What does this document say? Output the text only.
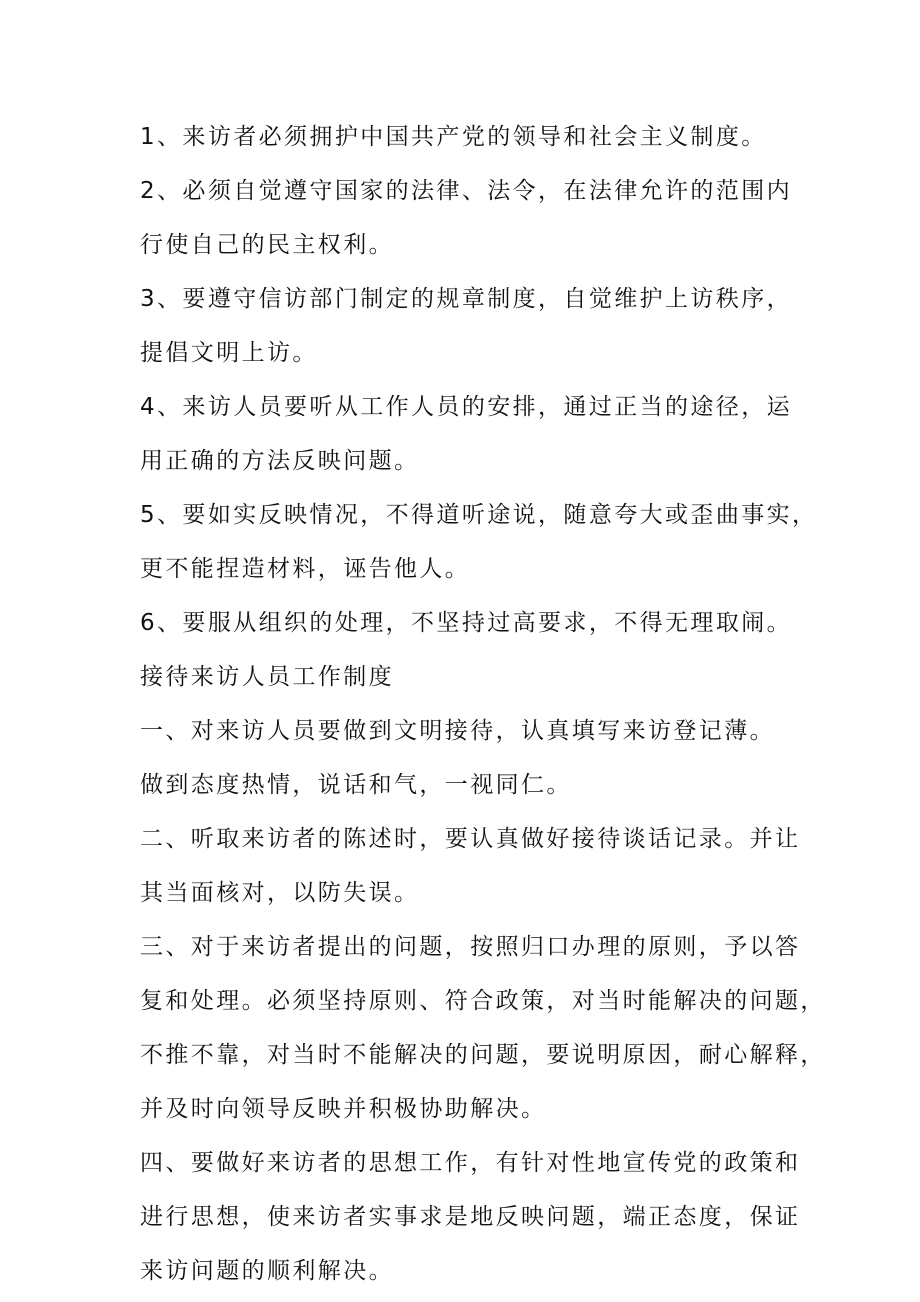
1、来访者必须拥护中国共产党的领导和社会主义制度。
2、必须自觉遵守国家的法律、法令，在法律允许的范围内
行使自己的民主权利。
3、要遵守信访部门制定的规章制度，自觉维护上访秩序，
提倡文明上访。
4、来访人员要听从工作人员的安排，通过正当的途径，运
用正确的方法反映问题。
5、要如实反映情况，不得道听途说，随意夸大或歪曲事实，
更不能捏造材料，诬告他人。
6、要服从组织的处理，不坚持过高要求，不得无理取闹。
接待来访人员工作制度
一、对来访人员要做到文明接待，认真填写来访登记薄。
做到态度热情，说话和气，一视同仁。
二、听取来访者的陈述时，要认真做好接待谈话记录。并让
其当面核对，以防失误。
三、对于来访者提出的问题，按照归口办理的原则，予以答
复和处理。必须坚持原则、符合政策，对当时能解决的问题，
不推不靠，对当时不能解决的问题，要说明原因，耐心解释，
并及时向领导反映并积极协助解决。
四、要做好来访者的思想工作，有针对性地宣传党的政策和
进行思想，使来访者实事求是地反映问题，端正态度，保证
来访问题的顺利解决。
